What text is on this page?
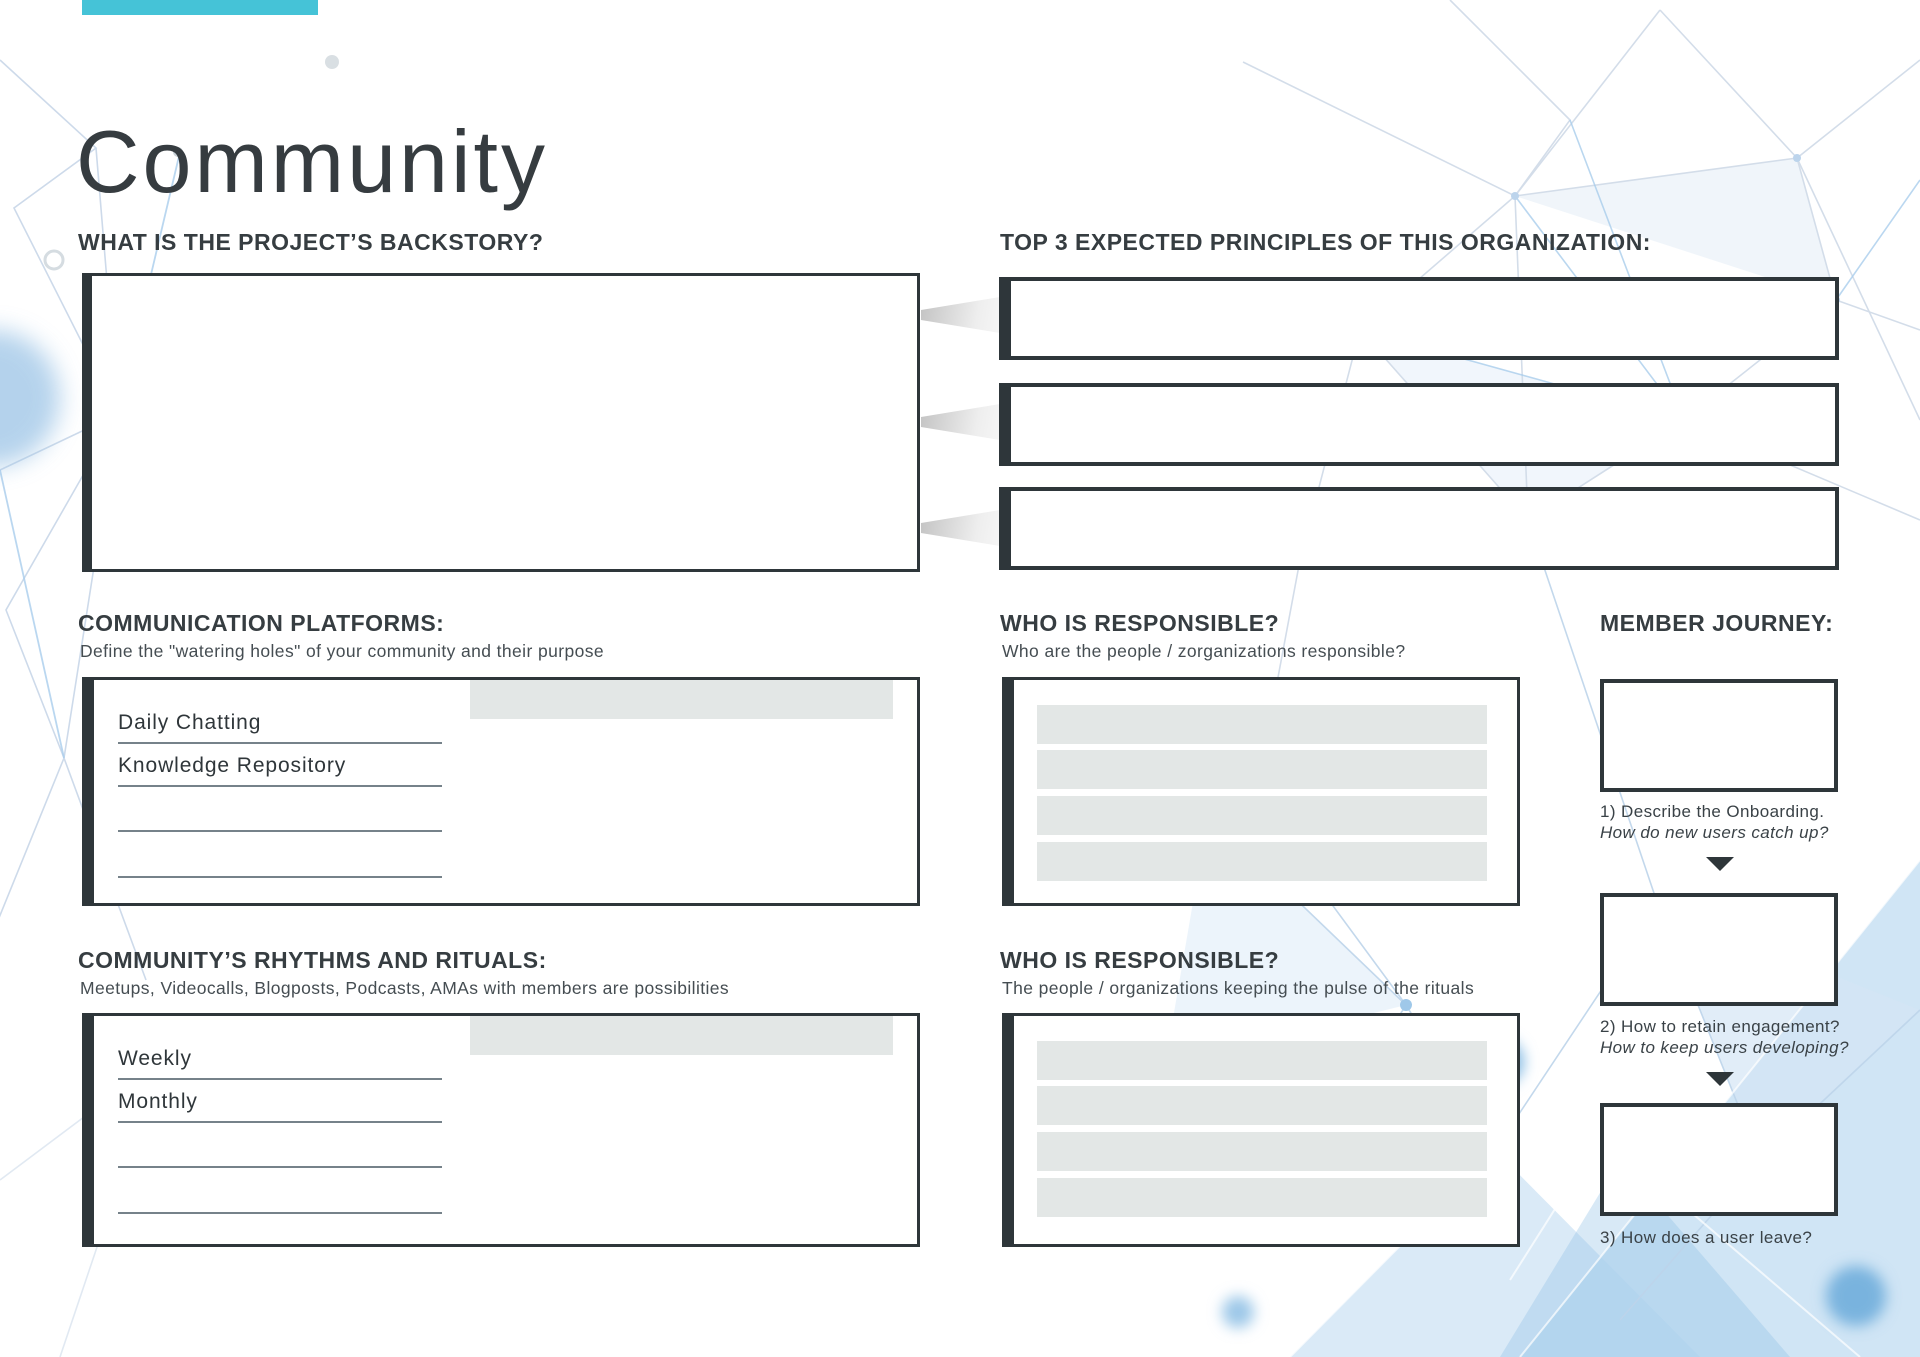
Community
WHAT IS THE PROJECT’S BACKSTORY?	TOP 3 EXPECTED PRINCIPLES OF THIS ORGANIZATION:
COMMUNICATION PLATFORMS:
Define the "watering holes" of your community and their purpose
Daily Chatting
Knowledge Repository
WHO IS RESPONSIBLE?
Who are the people / zorganizations responsible?
MEMBER JOURNEY:
1) Describe the Onboarding.
How do new users catch up?
2) How to retain engagement?
How to keep users developing?
3) How does a user leave?
COMMUNITY’S RHYTHMS AND RITUALS:
Meetups, Videocalls, Blogposts, Podcasts, AMAs with members are possibilities
Weekly
Monthly
WHO IS RESPONSIBLE?
The people / organizations keeping the pulse of the rituals
